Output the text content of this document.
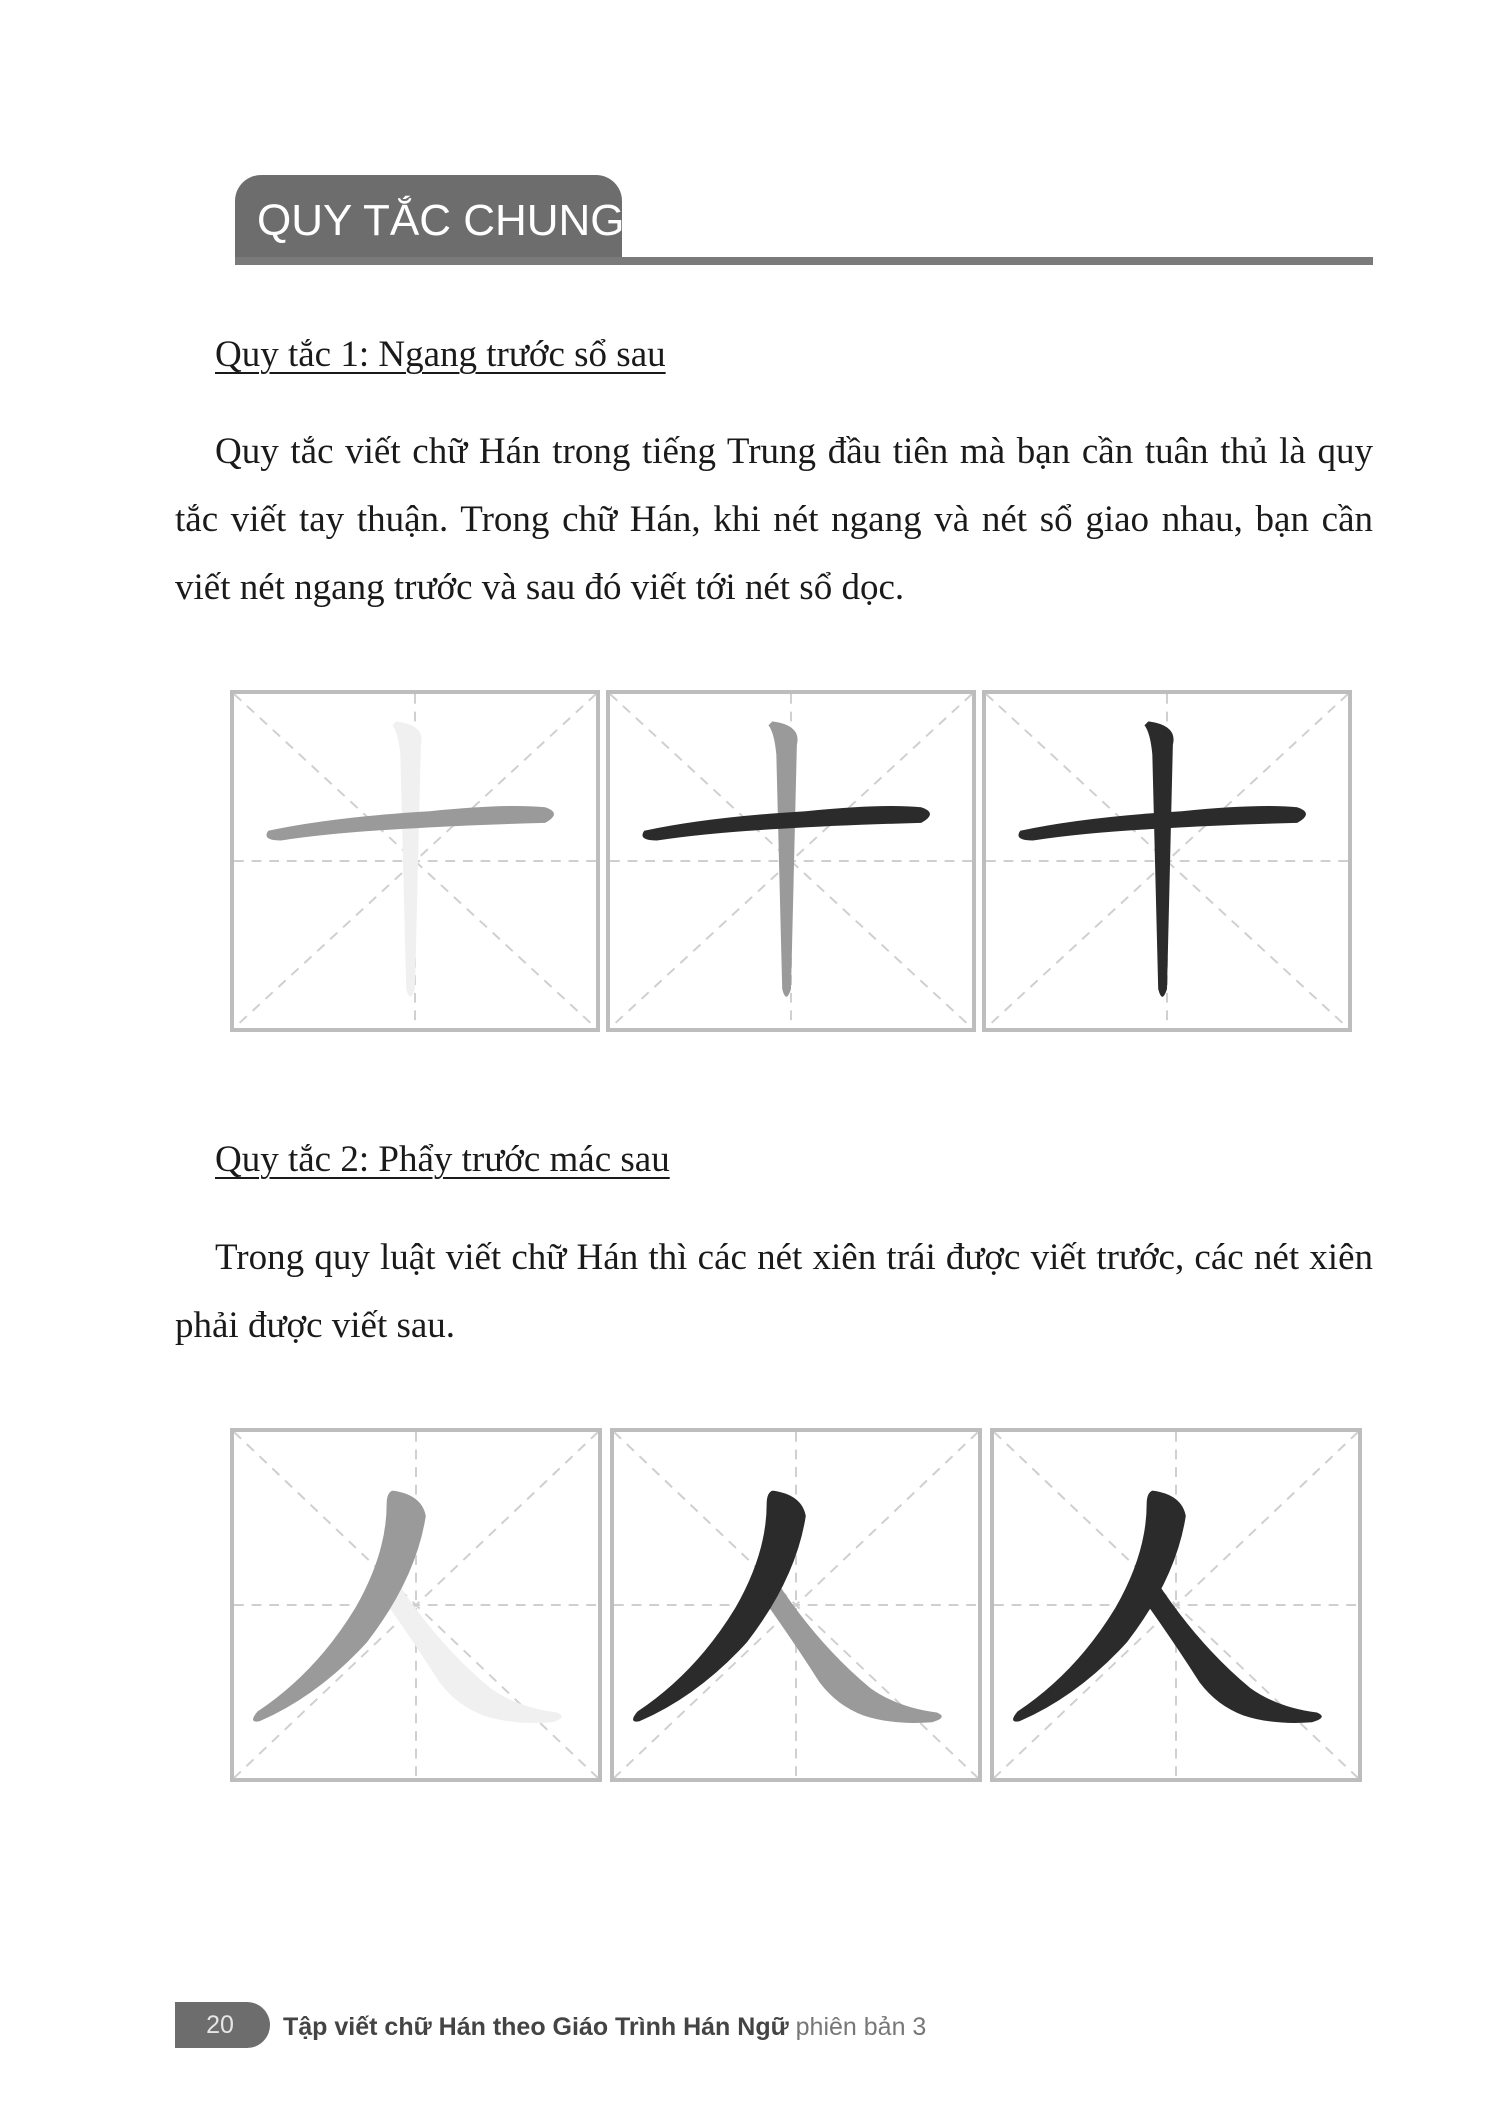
QUY TẮC CHUNG
Quy tắc 1: Ngang trước sổ sau

Quy tắc viết chữ Hán trong tiếng Trung đầu tiên mà bạn cần tuân thủ là quy tắc viết tay thuận. Trong chữ Hán, khi nét ngang và nét sổ giao nhau, bạn cần viết nét ngang trước và sau đó viết tới nét sổ dọc.

Quy tắc 2: Phẩy trước mác sau

Trong quy luật viết chữ Hán thì các nét xiên trái được viết trước, các nét xiên phải được viết sau.

20	Tập viết chữ Hán theo Giáo Trình Hán Ngữ phiên bản 3
